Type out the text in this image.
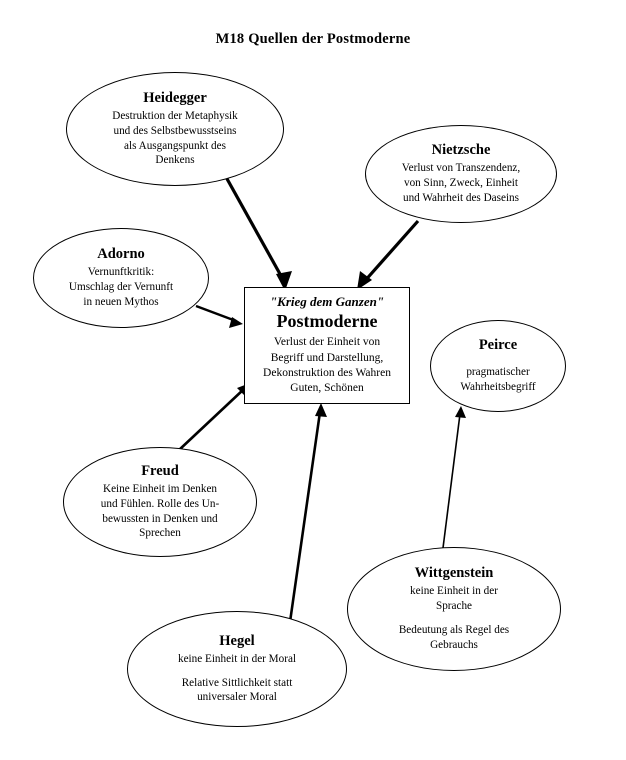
M18 Quellen der Postmoderne
Heidegger
Destruktion der Metaphysik
und des Selbstbewusstseins
als Ausgangspunkt des
Denkens
Nietzsche
Verlust von Transzendenz,
von Sinn, Zweck, Einheit
und Wahrheit des Daseins
Adorno
Vernunftkritik:
Umschlag der Vernunft
in neuen Mythos
Peirce
pragmatischer
Wahrheitsbegriff
Freud
Keine Einheit im Denken
und Fühlen. Rolle des Un-
bewussten in Denken und
Sprechen
Wittgenstein
keine Einheit in der
Sprache
Bedeutung als Regel des
Gebrauchs
Hegel
keine Einheit in der Moral
Relative Sittlichkeit statt
universaler Moral
"Krieg dem Ganzen"
Postmoderne
Verlust der Einheit von
Begriff und Darstellung,
Dekonstruktion des Wahren
Guten, Schönen
